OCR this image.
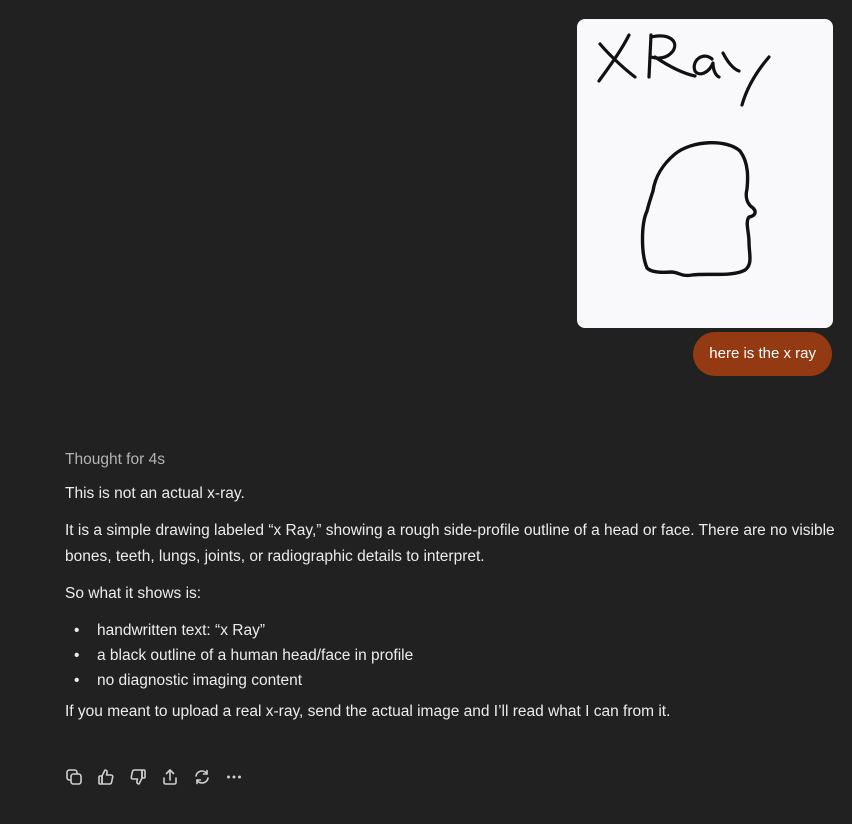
here is the x ray
Thought for 4s

This is not an actual x-ray.

It is a simple drawing labeled “x Ray,” showing a rough side-profile outline of a head or face. There are no visible bones, teeth, lungs, joints, or radiographic details to interpret.

So what it shows is:

• handwritten text: “x Ray”
• a black outline of a human head/face in profile
• no diagnostic imaging content

If you meant to upload a real x-ray, send the actual image and I’ll read what I can from it.
